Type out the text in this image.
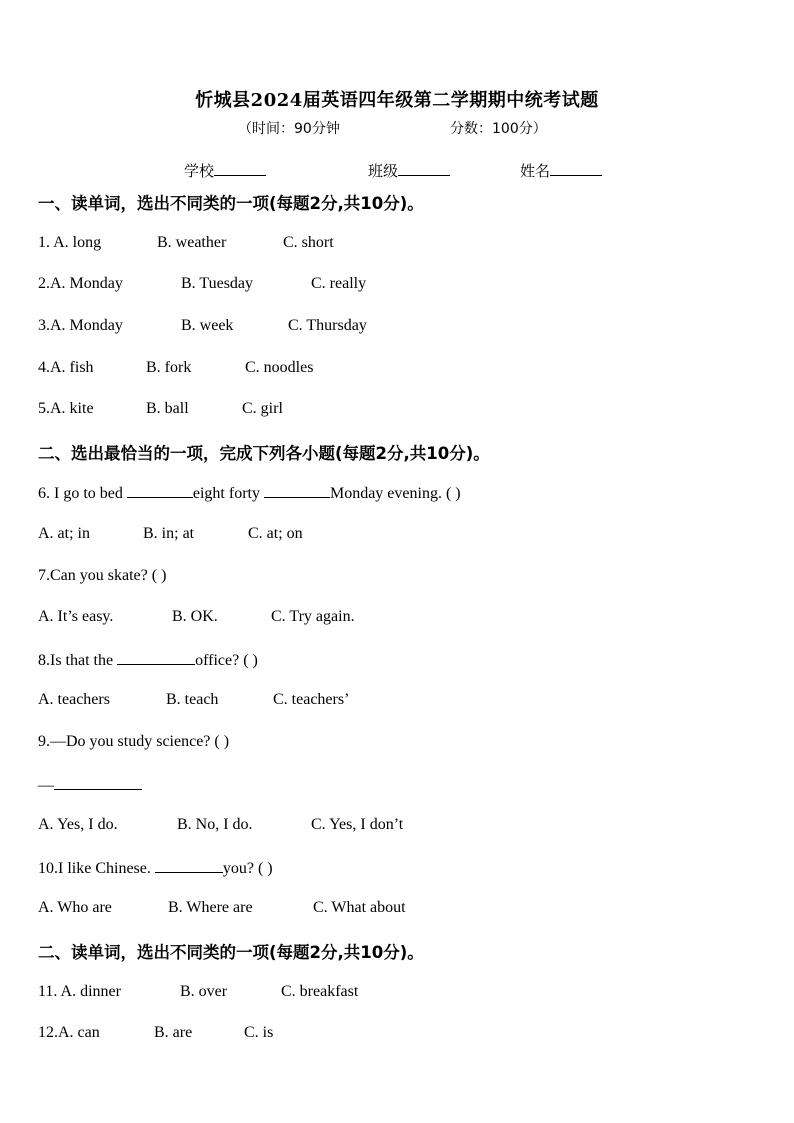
忻城县2024届英语四年级第二学期期中统考试题
（时间：90分钟	分数：100分）
学校	班级	姓名
一、读单词，选出不同类的一项(每题2分,共10分)。
1. A. long	B. weather	C. short
2.A. Monday	B. Tuesday	C. really
3.A. Monday	B. week	C. Thursday
4.A. fish	B. fork	C. noodles
5.A. kite	B. ball	C. girl
二、选出最恰当的一项，完成下列各小题(每题2分,共10分)。
6. I go to bed	eight forty	Monday evening. ( )
A. at; in	B. in; at	C. at; on
7.Can you skate? ( )
A. It’s easy.	B. OK.	C. Try again.
8.Is that the	office? ( )
A. teachers	B. teach	C. teachers’
9.—Do you study science? ( )
—
A. Yes, I do.	B. No, I do.	C. Yes, I don’t
10.I like Chinese.	you? ( )
A. Who are	B. Where are	C. What about
二、读单词，选出不同类的一项(每题2分,共10分)。
11. A. dinner	B. over	C. breakfast
12.A. can	B. are	C. is
